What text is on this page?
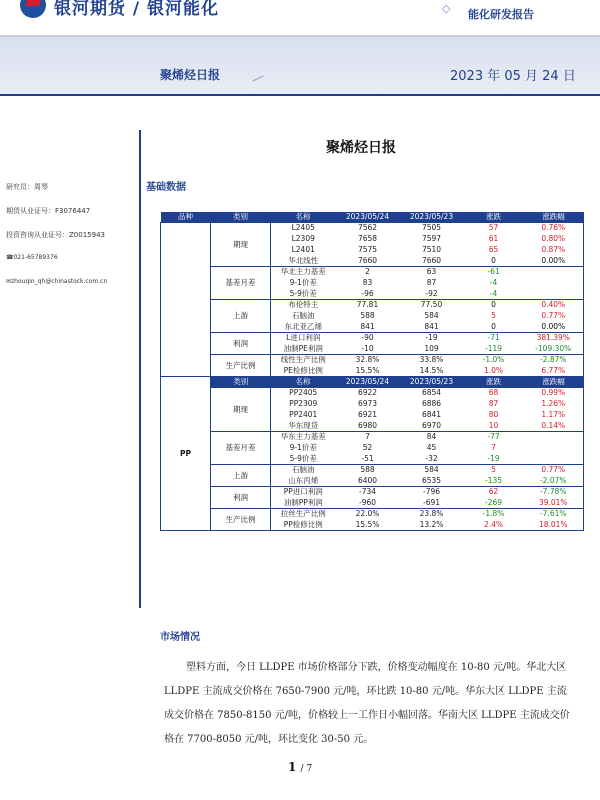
银河期货 / 银河能化	◇ 能化研发报告
聚烯烃日报	2023 年 05 月 24 日
研究员：周琴
期货从业证号：F3076447
投资咨询从业证号：Z0015943
☎021-65789376
✉zhouqin_qh@chinastock.com.cn
聚烯烃日报
基础数据
品种	类别	名称	2023/05/24	2023/05/23	涨跌	涨跌幅
	期现	L2405	7562	7505	57	0.76%
		L2309	7658	7597	61	0.80%
		L2401	7575	7510	65	0.87%
		华北线性	7660	7660	0	0.00%
	基差月差	华北主力基差	2	63	-61	
		9-1价差	83	87	-4	
		5-9价差	-96	-92	-4	
	上游	布伦特主	77.81	77.50	0	0.40%
		石脑油	588	584	5	0.77%
		东北亚乙烯	841	841	0	0.00%
	利润	L进口利润	-90	-19	-71	381.39%
		油制PE利润	-10	109	-119	-109.30%
	生产比例	线性生产比例	32.8%	33.8%	-1.0%	-2.87%
		PE检修比例	15.5%	14.5%	1.0%	6.77%
PP	类别	名称	2023/05/24	2023/05/23	涨跌	涨跌幅
	期现	PP2405	6922	6854	68	0.99%
		PP2309	6973	6886	87	1.26%
		PP2401	6921	6841	80	1.17%
		华东现货	6980	6970	10	0.14%
	基差月差	华东主力基差	7	84	-77	
		9-1价差	52	45	7	
		5-9价差	-51	-32	-19	
	上游	石脑油	588	584	5	0.77%
		山东丙烯	6400	6535	-135	-2.07%
	利润	PP进口利润	-734	-796	62	-7.78%
		油制PP利润	-960	-691	-269	39.01%
	生产比例	拉丝生产比例	22.0%	23.8%	-1.8%	-7.61%
		PP检修比例	15.5%	13.2%	2.4%	18.01%
市场情况

塑料方面，今日 LLDPE 市场价格部分下跌，价格变动幅度在 10-80 元/吨。华北大区 LLDPE 主流成交价格在 7650-7900 元/吨，环比跌 10-80 元/吨。华东大区 LLDPE 主流成交价格在 7850-8150 元/吨，价格较上一工作日小幅回落。华南大区 LLDPE 主流成交价格在 7700-8050 元/吨，环比变化 30-50 元。

1 / 7
